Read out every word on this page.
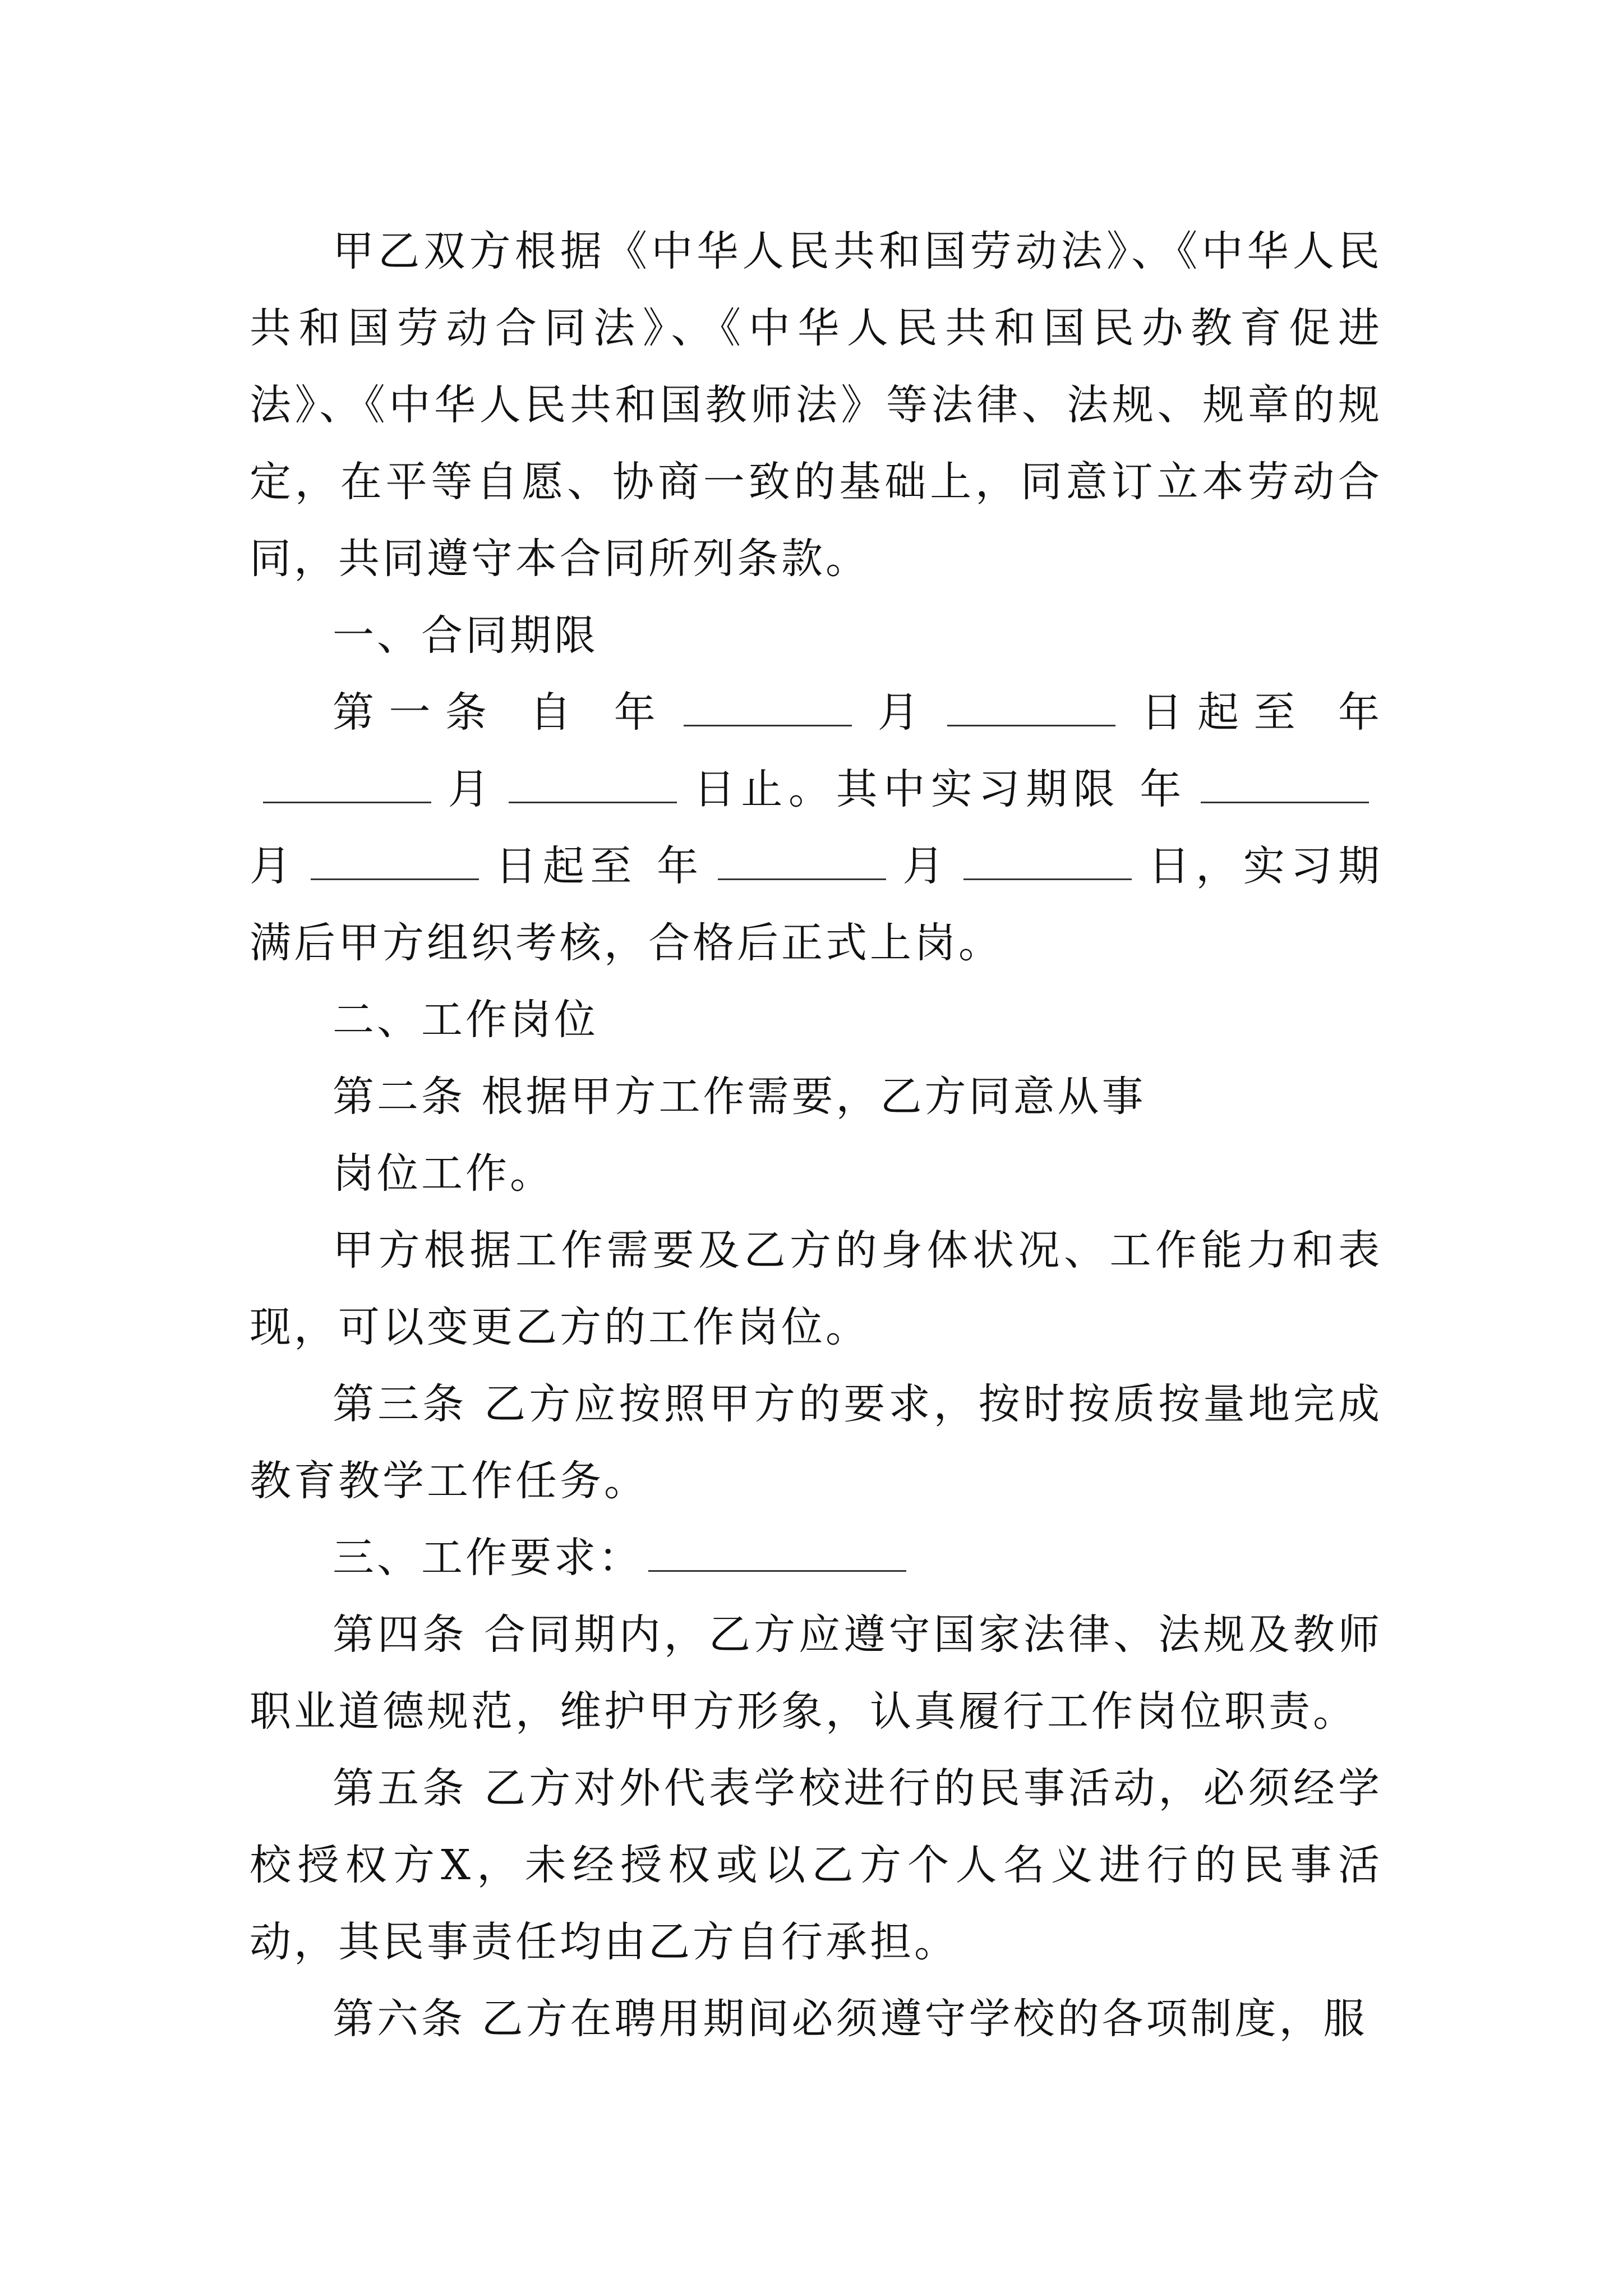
甲乙双方根据《中华人民共和国劳动法》、《中华人民共和国劳动合同法》、《中华人民共和国民办教育促进法》、《中华人民共和国教师法》等法律、法规、规章的规定，在平等自愿、协商一致的基础上，同意订立本劳动合同，共同遵守本合同所列条款。

一、合同期限

第一条 自 年	月	日起至 年月	日止。其中实习期限 年月	日起至 年	月	日，实习期满后甲方组织考核，合格后正式上岗。

二、工作岗位

第二条 根据甲方工作需要，乙方同意从事

岗位工作。

甲方根据工作需要及乙方的身体状况、工作能力和表现，可以变更乙方的工作岗位。

第三条 乙方应按照甲方的要求，按时按质按量地完成教育教学工作任务。

三、工作要求：

第四条 合同期内，乙方应遵守国家法律、法规及教师职业道德规范，维护甲方形象，认真履行工作岗位职责。

第五条 乙方对外代表学校进行的民事活动，必须经学校授权方X，未经授权或以乙方个人名义进行的民事活动，其民事责任均由乙方自行承担。

第六条 乙方在聘用期间必须遵守学校的各项制度，服
